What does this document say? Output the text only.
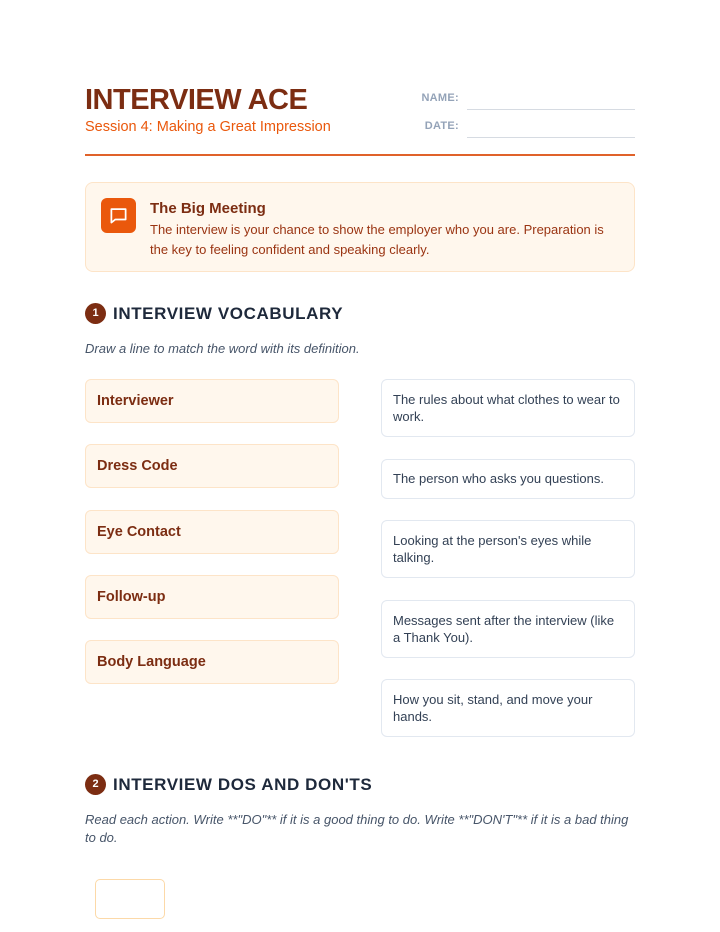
INTERVIEW ACE
Session 4: Making a Great Impression
NAME:
DATE:
The Big Meeting
The interview is your chance to show the employer who you are. Preparation is the key to feeling confident and speaking clearly.
1 INTERVIEW VOCABULARY
Draw a line to match the word with its definition.
Interviewer
Dress Code
Eye Contact
Follow-up
Body Language
The rules about what clothes to wear to work.
The person who asks you questions.
Looking at the person's eyes while talking.
Messages sent after the interview (like a Thank You).
How you sit, stand, and move your hands.
2 INTERVIEW DOS AND DON'TS
Read each action. Write **"DO"** if it is a good thing to do. Write **"DON'T"** if it is a bad thing to do.
